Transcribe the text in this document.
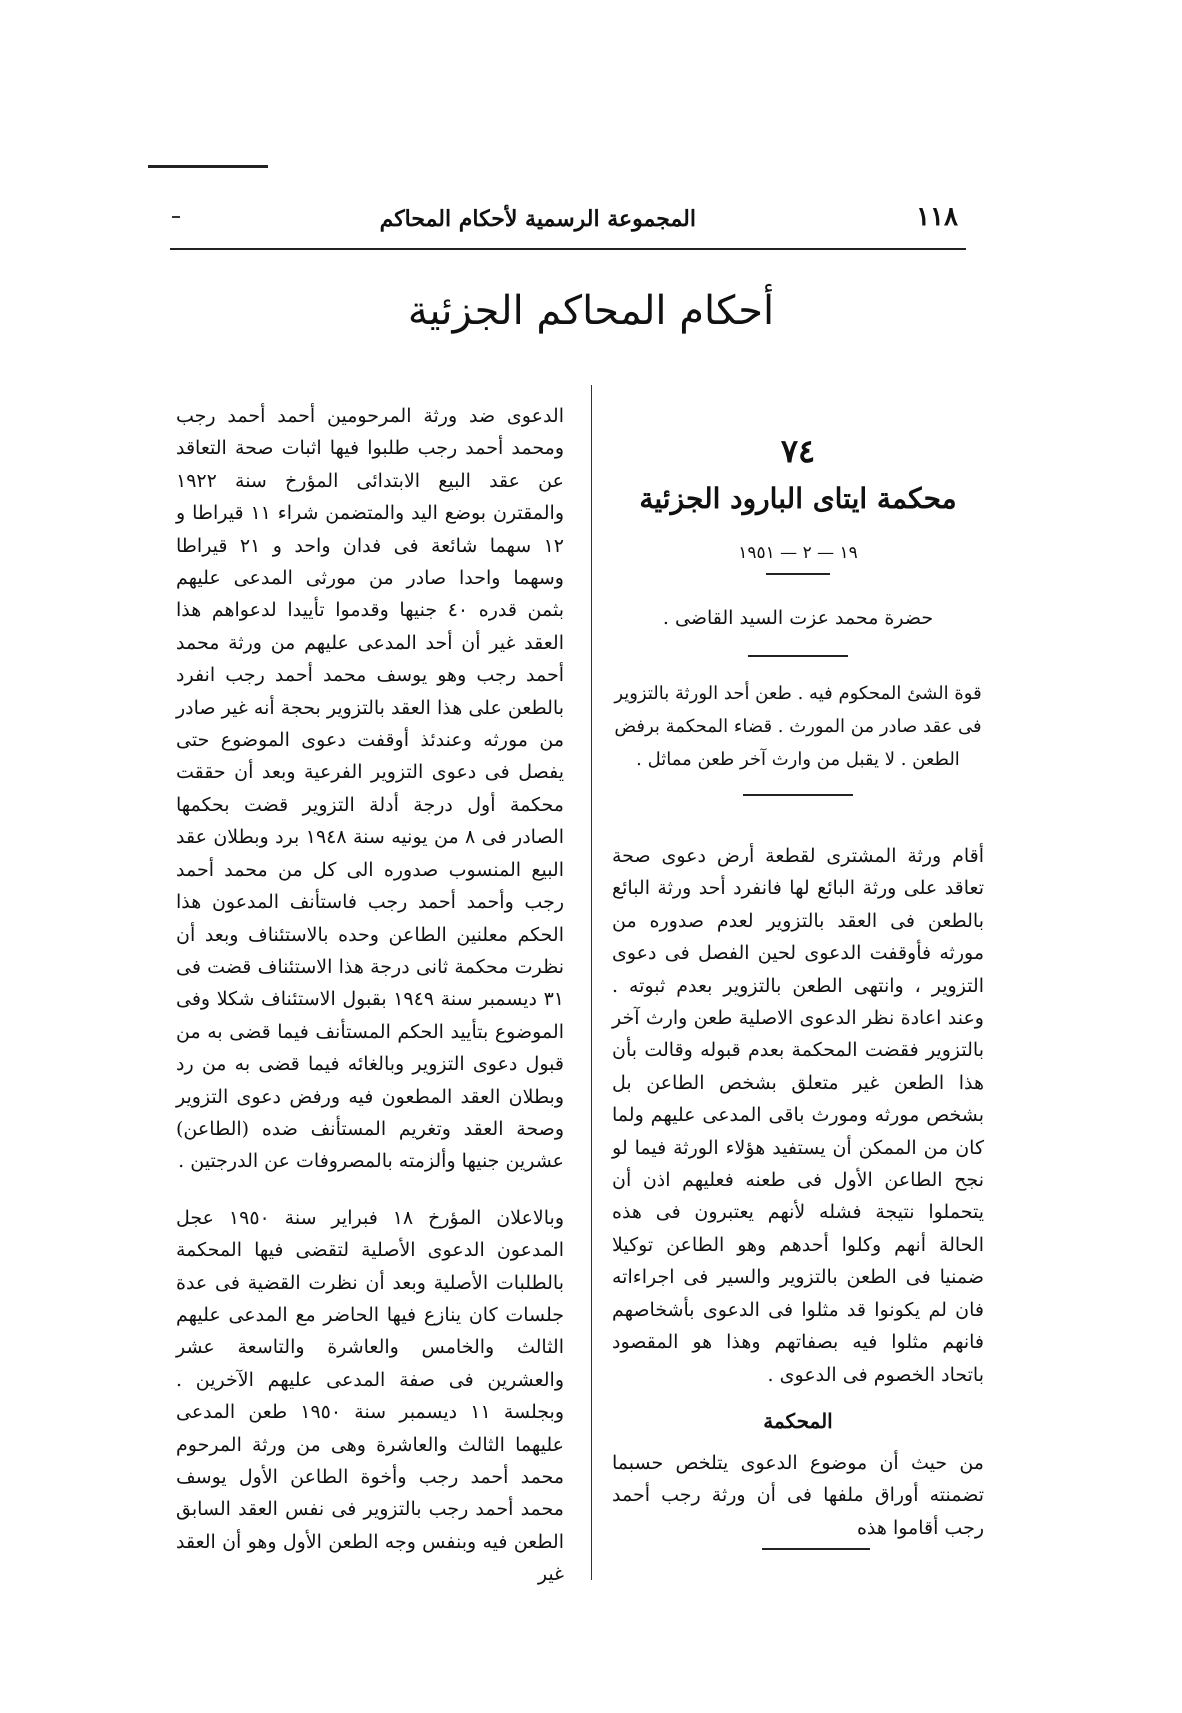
١١٨
المجموعة الرسمية لأحكام المحاكم
أحكام المحاكم الجزئية
٧٤
محكمة ايتاى البارود الجزئية
١٩ — ٢ — ١٩٥١
حضرة محمد عزت السيد القاضى .
قوة الشئ المحكوم فيه . طعن أحد الورثة بالتزوير فى عقد صادر من المورث . قضاء المحكمة برفض الطعن . لا يقبل من وارث آخر طعن مماثل .

أقام ورثة المشترى لقطعة أرض دعوى صحة تعاقد على ورثة البائع لها فانفرد أحد ورثة البائع بالطعن فى العقد بالتزوير لعدم صدوره من مورثه فأوقفت الدعوى لحين الفصل فى دعوى التزوير ، وانتهى الطعن بالتزوير بعدم ثبوته . وعند اعادة نظر الدعوى الاصلية طعن وارث آخر بالتزوير فقضت المحكمة بعدم قبوله وقالت بأن هذا الطعن غير متعلق بشخص الطاعن بل بشخص مورثه ومورث باقى المدعى عليهم ولما كان من الممكن أن يستفيد هؤلاء الورثة فيما لو نجح الطاعن الأول فى طعنه فعليهم اذن أن يتحملوا نتيجة فشله لأنهم يعتبرون فى هذه الحالة أنهم وكلوا أحدهم وهو الطاعن توكيلا ضمنيا فى الطعن بالتزوير والسير فى اجراءاته فان لم يكونوا قد مثلوا فى الدعوى بأشخاصهم فانهم مثلوا فيه بصفاتهم وهذا هو المقصود باتحاد الخصوم فى الدعوى .

المحكمة

من حيث أن موضوع الدعوى يتلخص حسبما تضمنته أوراق ملفها فى أن ورثة رجب أحمد رجب أقاموا هذه

الدعوى ضد ورثة المرحومين أحمد أحمد رجب ومحمد أحمد رجب طلبوا فيها اثبات صحة التعاقد عن عقد البيع الابتدائى المؤرخ سنة ١٩٢٢ والمقترن بوضع اليد والمتضمن شراء ١١ قيراطا و ١٢ سهما شائعة فى فدان واحد و ٢١ قيراطا وسهما واحدا صادر من مورثى المدعى عليهم بثمن قدره ٤٠ جنيها وقدموا تأييدا لدعواهم هذا العقد غير أن أحد المدعى عليهم من ورثة محمد أحمد رجب وهو يوسف محمد أحمد رجب انفرد بالطعن على هذا العقد بالتزوير بحجة أنه غير صادر من مورثه وعندئذ أوقفت دعوى الموضوع حتى يفصل فى دعوى التزوير الفرعية وبعد أن حققت محكمة أول درجة أدلة التزوير قضت بحكمها الصادر فى ٨ من يونيه سنة ١٩٤٨ برد وبطلان عقد البيع المنسوب صدوره الى كل من محمد أحمد رجب وأحمد أحمد رجب فاستأنف المدعون هذا الحكم معلنين الطاعن وحده بالاستئناف وبعد أن نظرت محكمة ثانى درجة هذا الاستئناف قضت فى ٣١ ديسمبر سنة ١٩٤٩ بقبول الاستئناف شكلا وفى الموضوع بتأييد الحكم المستأنف فيما قضى به من قبول دعوى التزوير وبالغائه فيما قضى به من رد وبطلان العقد المطعون فيه ورفض دعوى التزوير وصحة العقد وتغريم المستأنف ضده (الطاعن) عشرين جنيها وألزمته بالمصروفات عن الدرجتين .

وبالاعلان المؤرخ ١٨ فبراير سنة ١٩٥٠ عجل المدعون الدعوى الأصلية لتقضى فيها المحكمة بالطلبات الأصلية وبعد أن نظرت القضية فى عدة جلسات كان ينازع فيها الحاضر مع المدعى عليهم الثالث والخامس والعاشرة والتاسعة عشر والعشرين فى صفة المدعى عليهم الآخرين . وبجلسة ١١ ديسمبر سنة ١٩٥٠ طعن المدعى عليهما الثالث والعاشرة وهى من ورثة المرحوم محمد أحمد رجب وأخوة الطاعن الأول يوسف محمد أحمد رجب بالتزوير فى نفس العقد السابق الطعن فيه وبنفس وجه الطعن الأول وهو أن العقد غير
